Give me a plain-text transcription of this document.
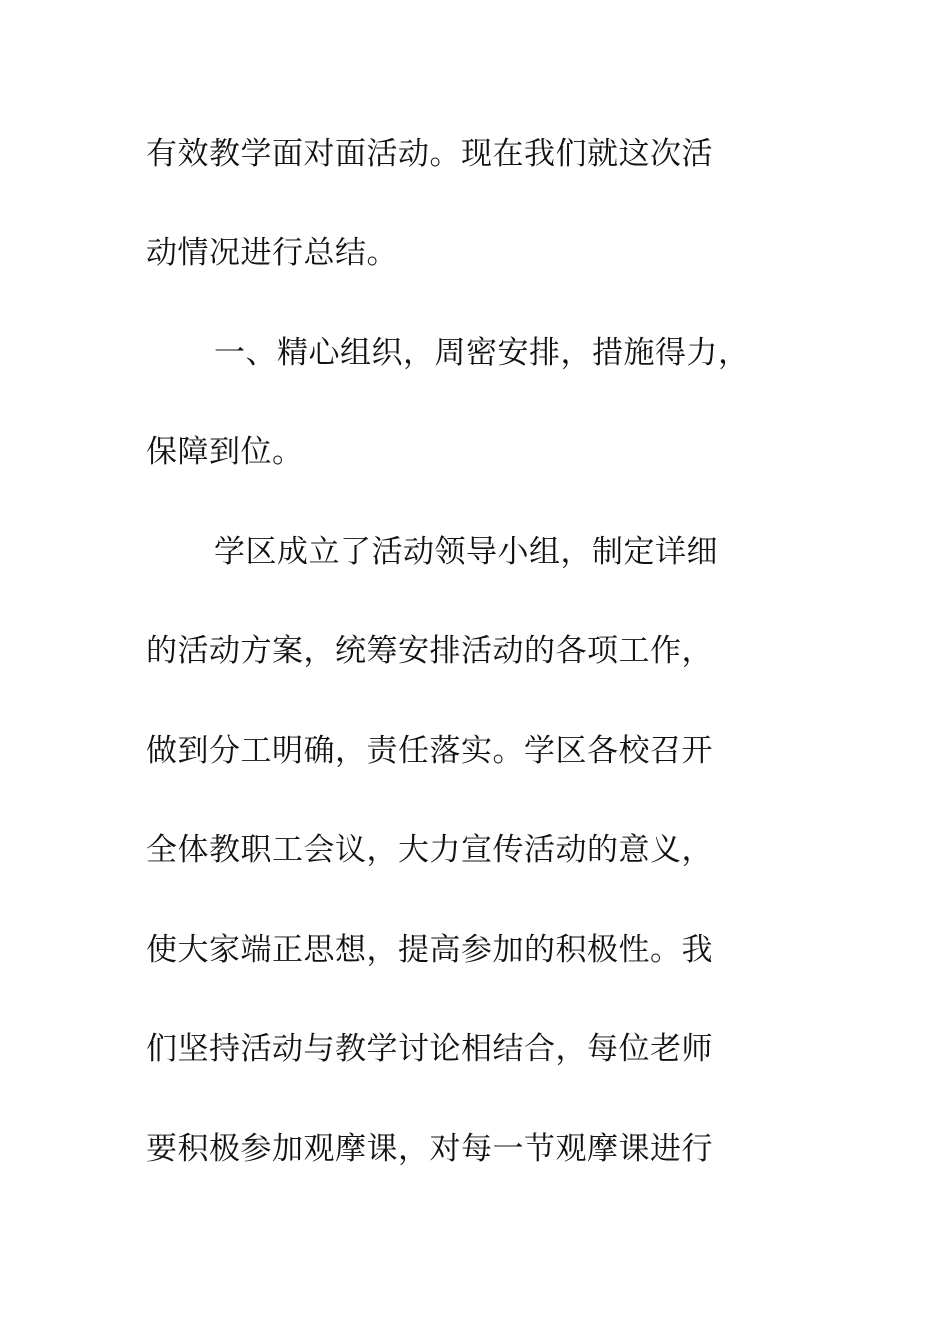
有效教学面对面活动。现在我们就这次活
动情况进行总结。
一、精心组织，周密安排，措施得力，
保障到位。
学区成立了活动领导小组，制定详细
的活动方案，统筹安排活动的各项工作，
做到分工明确，责任落实。学区各校召开
全体教职工会议，大力宣传活动的意义，
使大家端正思想，提高参加的积极性。我
们坚持活动与教学讨论相结合，每位老师
要积极参加观摩课，对每一节观摩课进行
